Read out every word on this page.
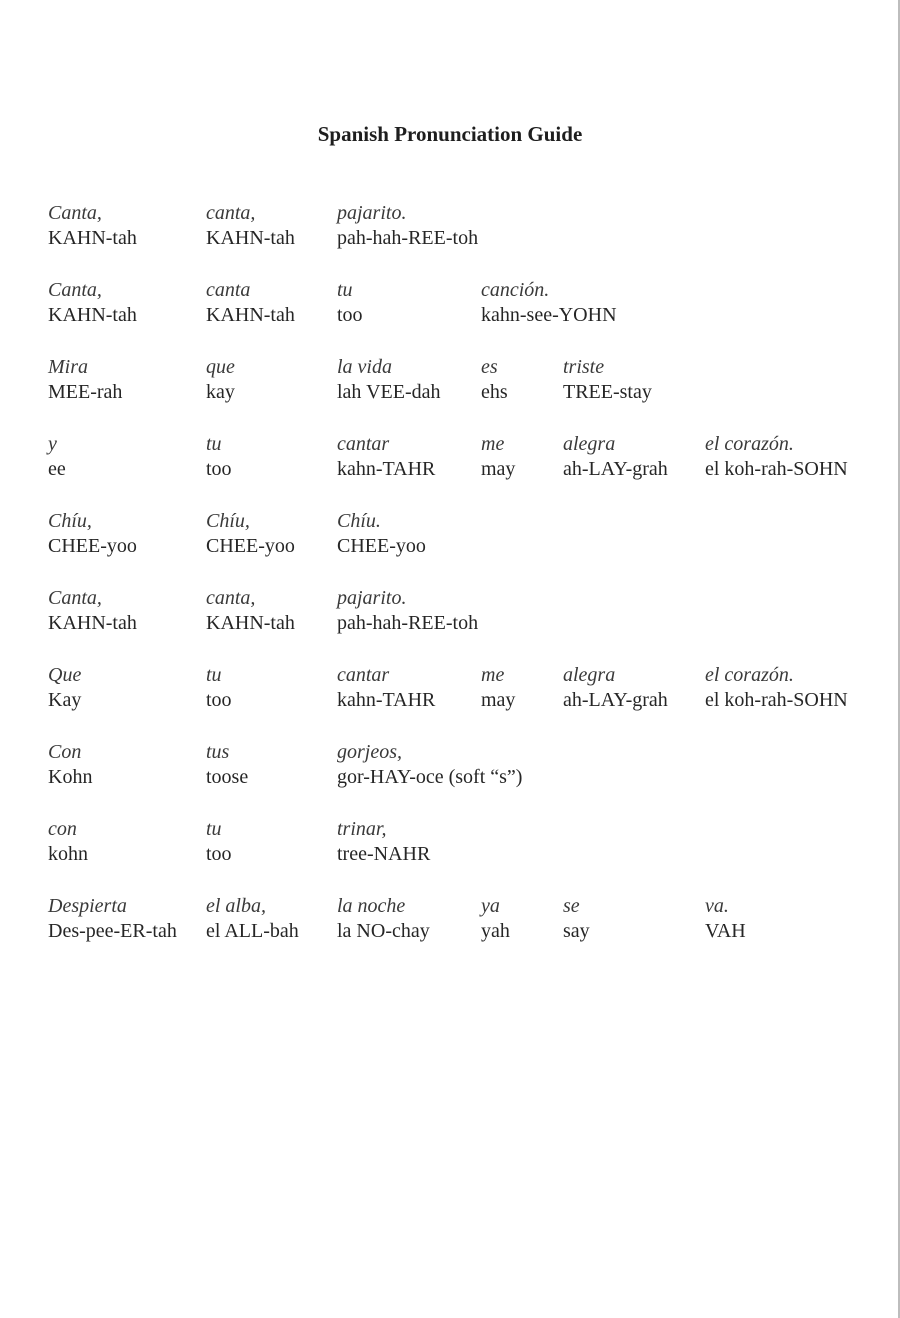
Spanish Pronunciation Guide
Canta,
KAHN-tah
canta,
KAHN-tah
pajarito.
pah-hah-REE-toh
Canta,
KAHN-tah
canta
KAHN-tah
tu
too
canción.
kahn-see-YOHN
Mira
MEE-rah
que
kay
la vida
lah VEE-dah
es
ehs
triste
TREE-stay
y
ee
tu
too
cantar
kahn-TAHR
me
may
alegra
ah-LAY-grah
el corazón.
el koh-rah-SOHN
Chíu,
CHEE-yoo
Chíu,
CHEE-yoo
Chíu.
CHEE-yoo
Canta,
KAHN-tah
canta,
KAHN-tah
pajarito.
pah-hah-REE-toh
Que
Kay
tu
too
cantar
kahn-TAHR
me
may
alegra
ah-LAY-grah
el corazón.
el koh-rah-SOHN
Con
Kohn
tus
toose
gorjeos,
gor-HAY-oce (soft “s”)
con
kohn
tu
too
trinar,
tree-NAHR
Despierta
Des-pee-ER-tah
el alba,
el ALL-bah
la noche
la NO-chay
ya
yah
se
say
va.
VAH
